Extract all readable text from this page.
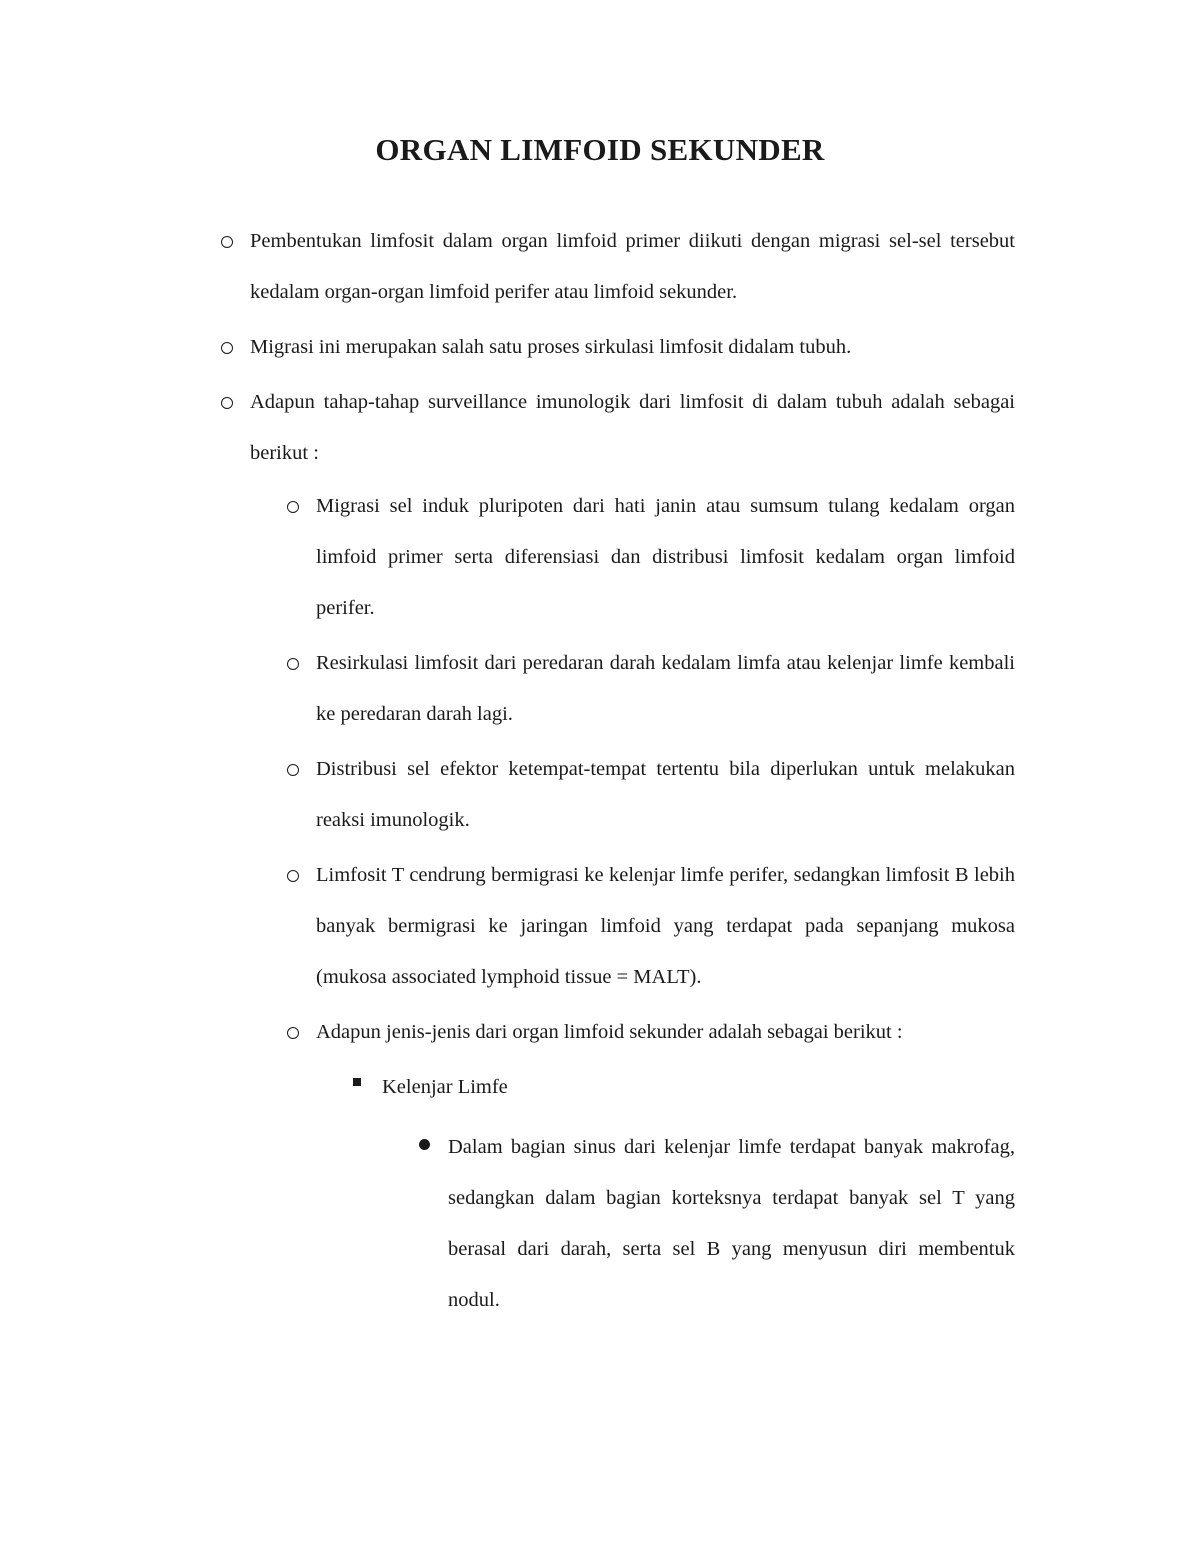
ORGAN LIMFOID SEKUNDER
Pembentukan limfosit dalam organ limfoid primer diikuti dengan migrasi sel-sel tersebut kedalam organ-organ limfoid perifer atau limfoid sekunder.
Migrasi ini merupakan salah satu proses sirkulasi limfosit didalam tubuh.
Adapun tahap-tahap surveillance imunologik dari limfosit di dalam tubuh adalah sebagai berikut :
Migrasi sel induk pluripoten dari hati janin atau sumsum tulang kedalam organ limfoid primer serta diferensiasi dan distribusi limfosit kedalam organ limfoid perifer.
Resirkulasi limfosit dari peredaran darah kedalam limfa atau kelenjar limfe kembali ke peredaran darah lagi.
Distribusi sel efektor ketempat-tempat tertentu bila diperlukan untuk melakukan reaksi imunologik.
Limfosit T cendrung bermigrasi ke kelenjar limfe perifer, sedangkan limfosit B lebih banyak bermigrasi ke jaringan limfoid yang terdapat pada sepanjang mukosa (mukosa associated lymphoid tissue = MALT).
Adapun jenis-jenis dari organ limfoid sekunder adalah sebagai berikut :
Kelenjar Limfe
Dalam bagian sinus dari kelenjar limfe terdapat banyak makrofag, sedangkan dalam bagian korteksnya terdapat banyak sel T yang berasal dari darah, serta sel B yang menyusun diri membentuk nodul.
